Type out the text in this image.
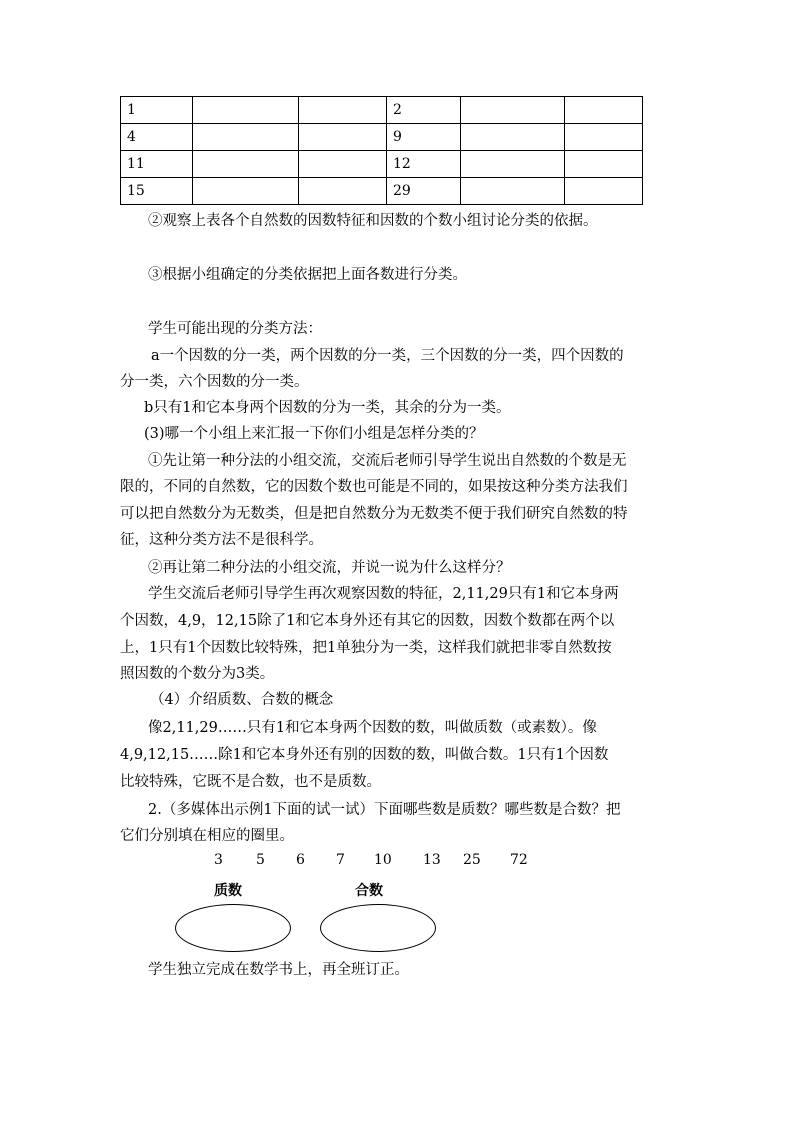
1			2		
4			9		
11			12		
15			29		
②观察上表各个自然数的因数特征和因数的个数小组讨论分类的依据。
③根据小组确定的分类依据把上面各数进行分类。
学生可能出现的分类方法：
a一个因数的分一类，两个因数的分一类，三个因数的分一类，四个因数的
分一类，六个因数的分一类。
b只有1和它本身两个因数的分为一类，其余的分为一类。
(3)哪一个小组上来汇报一下你们小组是怎样分类的？
①先让第一种分法的小组交流，交流后老师引导学生说出自然数的个数是无
限的，不同的自然数，它的因数个数也可能是不同的，如果按这种分类方法我们
可以把自然数分为无数类，但是把自然数分为无数类不便于我们研究自然数的特
征，这种分类方法不是很科学。
②再让第二种分法的小组交流，并说一说为什么这样分？
学生交流后老师引导学生再次观察因数的特征，2,11,29只有1和它本身两
个因数，4,9，12,15除了1和它本身外还有其它的因数，因数个数都在两个以
上，1只有1个因数比较特殊，把1单独分为一类，这样我们就把非零自然数按
照因数的个数分为3类。
（4）介绍质数、合数的概念
像2,11,29……只有1和它本身两个因数的数，叫做质数（或素数）。像
4,9,12,15……除1和它本身外还有别的因数的数，叫做合数。1只有1个因数
比较特殊，它既不是合数，也不是质数。
2.（多媒体出示例1下面的试一试）下面哪些数是质数？哪些数是合数？把
它们分别填在相应的圈里。
3 5 6 7 10 13 25 72
质数	合数
学生独立完成在数学书上，再全班订正。
